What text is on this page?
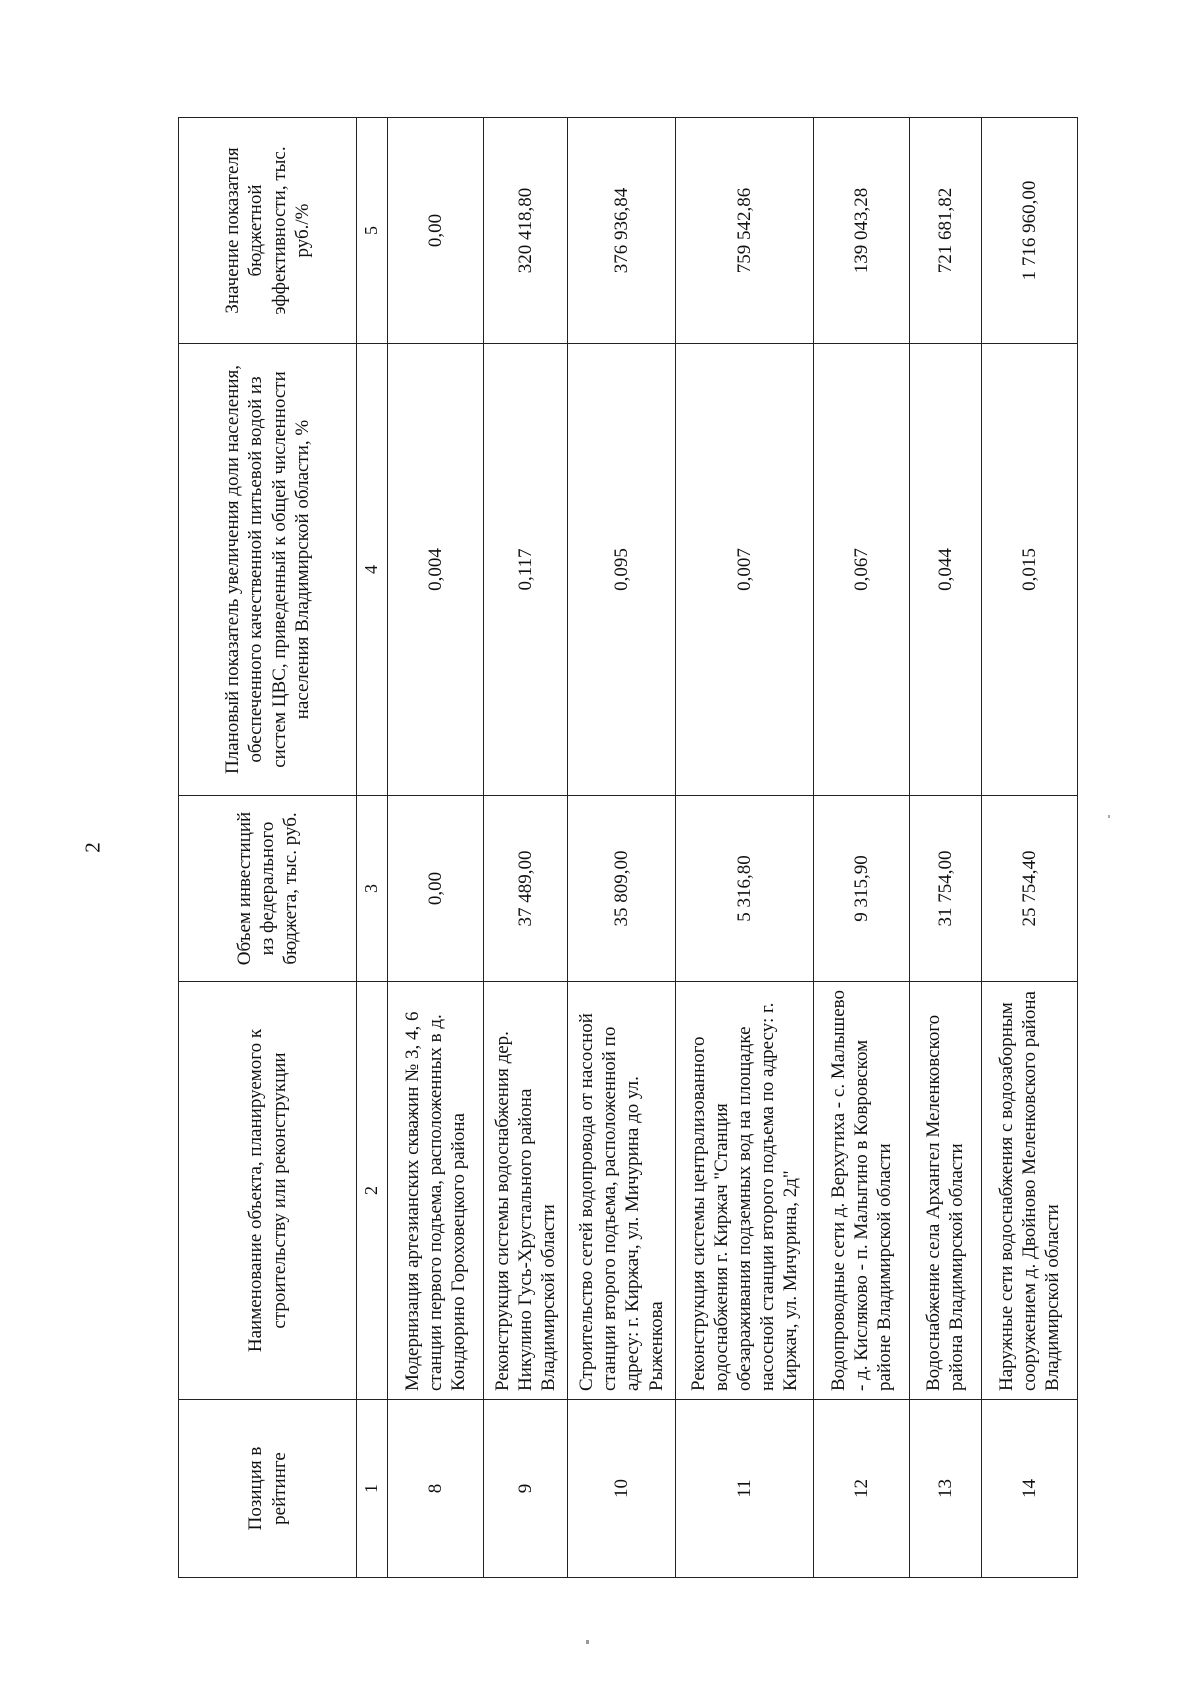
2
Позиция в рейтинге	Наименование объекта, планируемого к строительству или реконструкции	Объем инвестиций из федерального бюджета, тыс. руб.	Плановый показатель увеличения доли населения, обеспеченного качественной питьевой водой из систем ЦВС, приведенный к общей численности населения Владимирской области, %	Значение показателя бюджетной эффективности, тыс. руб./%
1	2	3	4	5
8	Модернизация артезианских скважин № 3, 4, 6 станции первого подъема, расположенных в д. Кондюрино Гороховецкого района	0,00	0,004	0,00
9	Реконструкция системы водоснабжения дер. Никулино Гусь-Хрустального района Владимирской области	37 489,00	0,117	320 418,80
10	Строительство сетей водопровода от насосной станции второго подъема, расположенной по адресу: г. Киржач, ул. Мичурина до ул. Рыженкова	35 809,00	0,095	376 936,84
11	Реконструкция системы централизованного водоснабжения г. Киржач "Станция обезараживания подземных вод на площадке насосной станции второго подъема по адресу: г. Киржач, ул. Мичурина, 2д"	5 316,80	0,007	759 542,86
12	Водопроводные сети д. Верхутиха - с. Малышево - д. Кисляково - п. Малыгино в Ковровском районе Владимирской области	9 315,90	0,067	139 043,28
13	Водоснабжение села Архангел Меленковского района Владимирской области	31 754,00	0,044	721 681,82
14	Наружные сети водоснабжения с водозаборным сооружением д. Двойново Меленковского района Владимирской области	25 754,40	0,015	1 716 960,00
